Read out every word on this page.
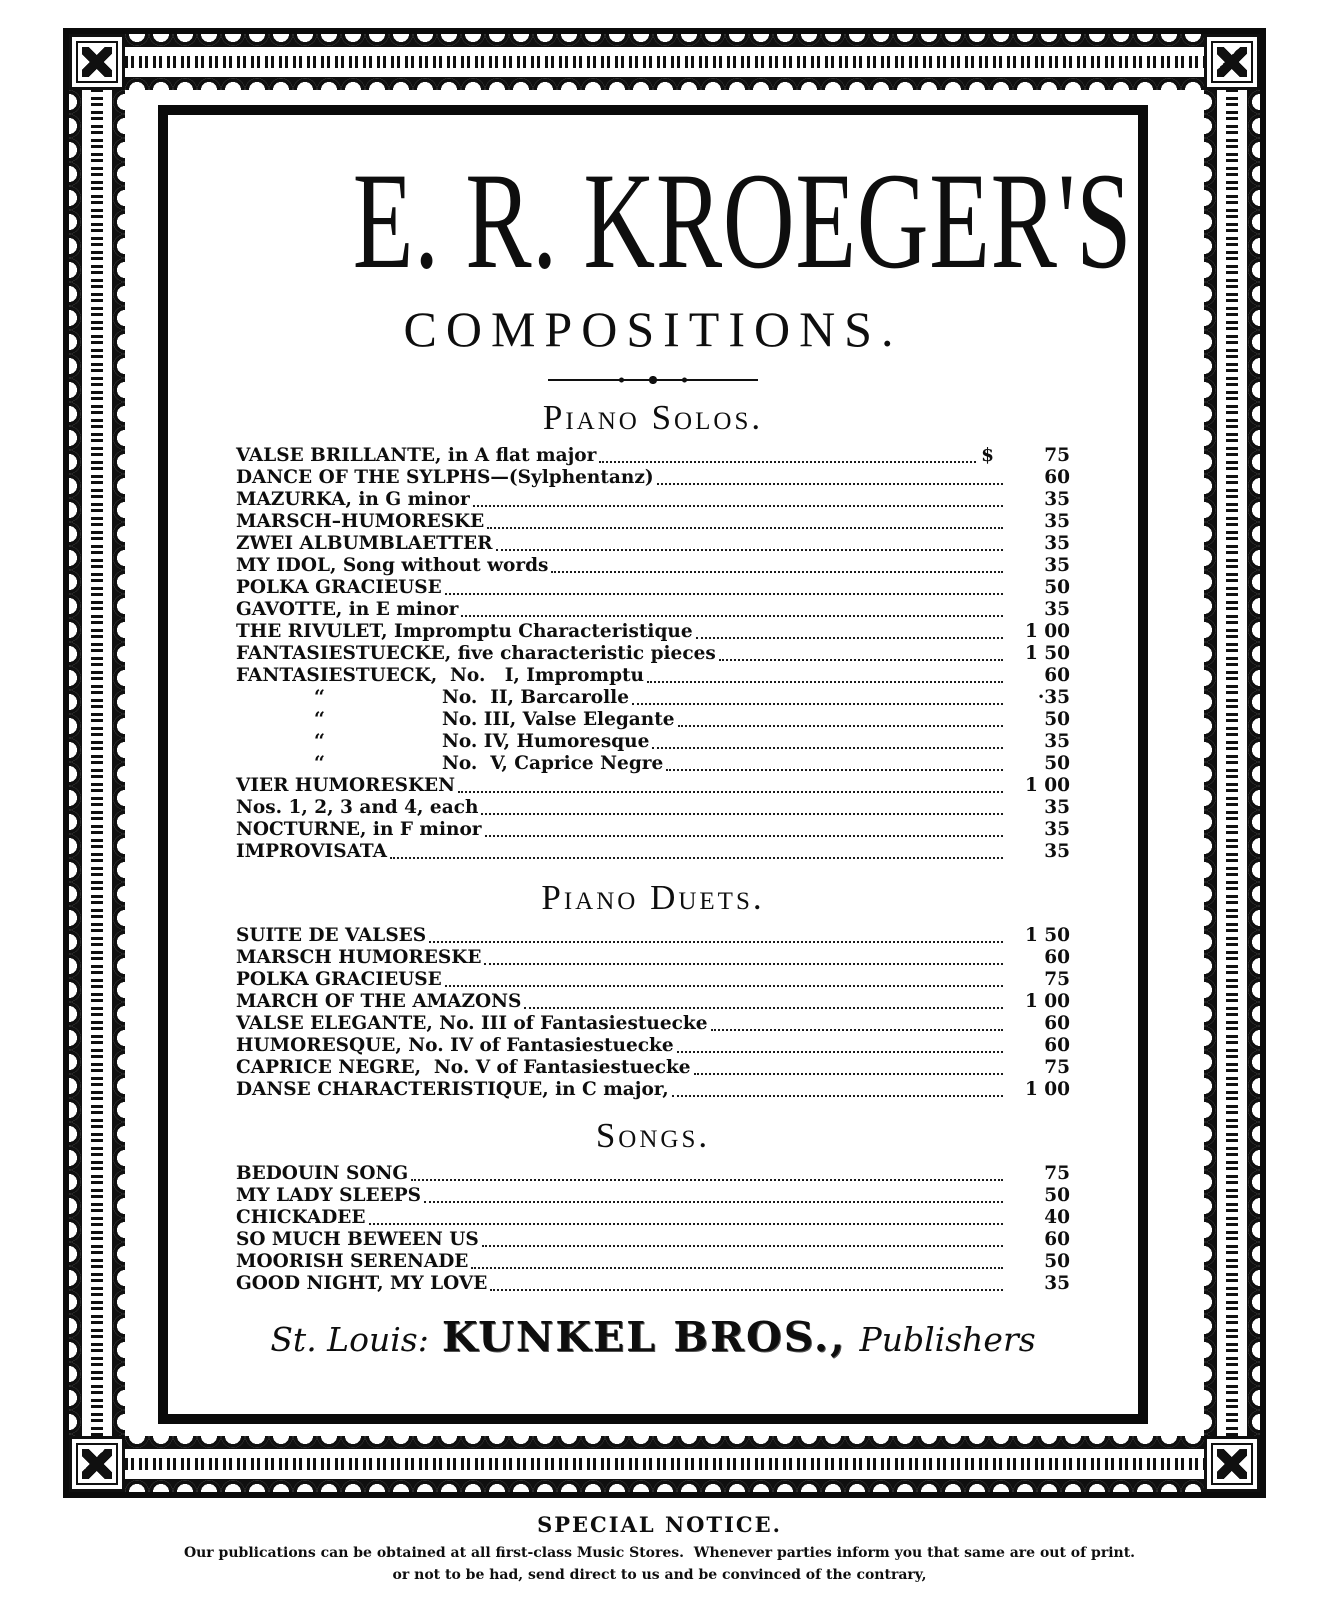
E. R. KROEGER'S
COMPOSITIONS.
Piano Solos.
VALSE BRILLANTE, in A flat major	$	75
DANCE OF THE SYLPHS—(Sylphentanz)	60
MAZURKA, in G minor	35
MARSCH–HUMORESKE	35
ZWEI ALBUMBLAETTER	35
MY IDOL, Song without words	35
POLKA GRACIEUSE	50
GAVOTTE, in E minor	35
THE RIVULET, Impromptu Characteristique	1 00
FANTASIESTUECKE, five characteristic pieces	1 50
FANTASIESTUECK,  No.   I, Impromptu	60
‘‘	No.  II, Barcarolle	·35
‘‘	No. III, Valse Elegante	50
‘‘	No. IV, Humoresque	35
‘‘	No.  V, Caprice Negre	50
VIER HUMORESKEN	1 00
Nos. 1, 2, 3 and 4, each	35
NOCTURNE, in F minor	35
IMPROVISATA	35
Piano Duets.
SUITE DE VALSES	1 50
MARSCH HUMORESKE	60
POLKA GRACIEUSE	75
MARCH OF THE AMAZONS	1 00
VALSE ELEGANTE, No. III of Fantasiestuecke	60
HUMORESQUE, No. IV of Fantasiestuecke	60
CAPRICE NEGRE,  No. V of Fantasiestuecke	75
DANSE CHARACTERISTIQUE, in C major,	1 00
Songs.
BEDOUIN SONG	75
MY LADY SLEEPS	50
CHICKADEE	40
SO MUCH BEWEEN US	60
MOORISH SERENADE	50
GOOD NIGHT, MY LOVE	35
St. Louis: KUNKEL BROS., Publishers
SPECIAL NOTICE.
Our publications can be obtained at all first-class Music Stores.  Whenever parties inform you that same are out of print.
or not to be had, send direct to us and be convinced of the contrary,
